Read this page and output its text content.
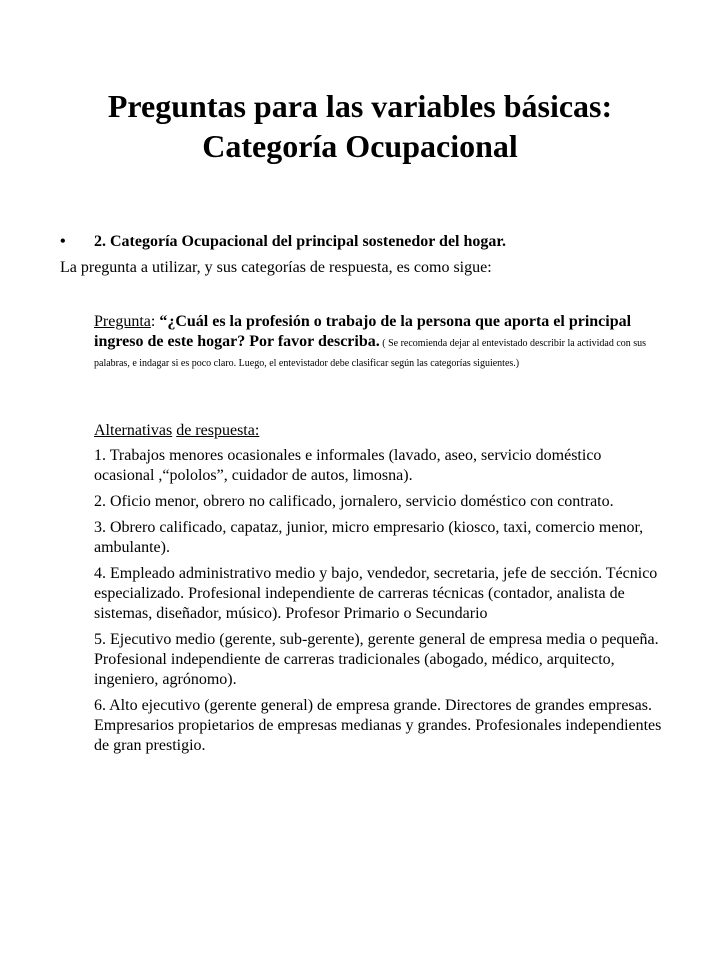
Preguntas para las variables básicas:
Categoría Ocupacional
• 2. Categoría Ocupacional del principal sostenedor del hogar.
La pregunta a utilizar, y sus categorías de respuesta, es como sigue:
Pregunta: “¿Cuál es la profesión o trabajo de la persona que aporta el principal ingreso de este hogar? Por favor describa. ( Se recomienda dejar al entevistado describir la actividad con sus palabras, e indagar si es poco claro. Luego, el entevistador debe clasificar según las categorías siguientes.)
Alternativas de respuesta:
1. Trabajos menores ocasionales e informales (lavado, aseo, servicio doméstico ocasional ,“pololos”, cuidador de autos, limosna).
2. Oficio menor, obrero no calificado, jornalero, servicio doméstico con contrato.
3. Obrero calificado, capataz, junior, micro empresario (kiosco, taxi, comercio menor, ambulante).
4. Empleado administrativo medio y bajo, vendedor, secretaria, jefe de sección. Técnico especializado. Profesional independiente de carreras técnicas (contador, analista de sistemas, diseñador, músico). Profesor Primario o Secundario
5. Ejecutivo medio (gerente, sub-gerente), gerente general de empresa media o pequeña. Profesional independiente de carreras tradicionales (abogado, médico, arquitecto, ingeniero, agrónomo).
6. Alto ejecutivo (gerente general) de empresa grande. Directores de grandes empresas. Empresarios propietarios de empresas medianas y grandes. Profesionales independientes de gran prestigio.
